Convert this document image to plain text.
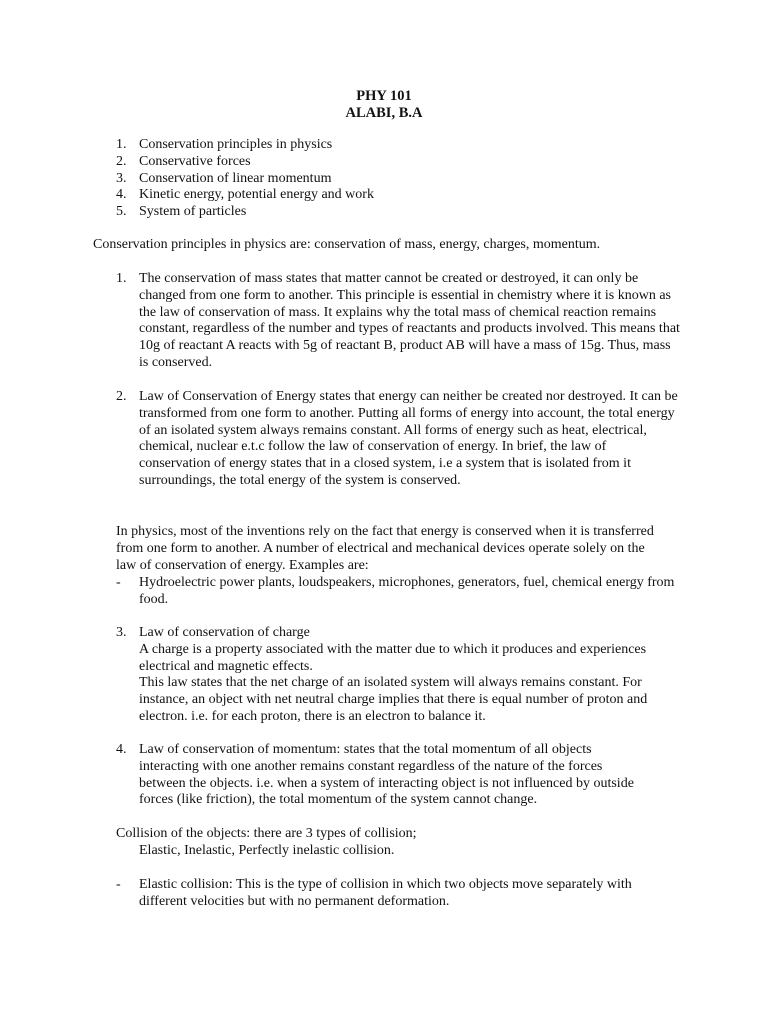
PHY 101
ALABI, B.A
1. Conservation principles in physics
2. Conservative forces
3. Conservation of linear momentum
4. Kinetic energy, potential energy and work
5. System of particles
Conservation principles in physics are: conservation of mass, energy, charges, momentum.
1. The conservation of mass states that matter cannot be created or destroyed, it can only be changed from one form to another. This principle is essential in chemistry where it is known as the law of conservation of mass. It explains why the total mass of chemical reaction remains constant, regardless of the number and types of reactants and products involved. This means that 10g of reactant A reacts with 5g of reactant B, product AB will have a mass of 15g. Thus, mass is conserved.
2. Law of Conservation of Energy states that energy can neither be created nor destroyed. It can be transformed from one form to another. Putting all forms of energy into account, the total energy of an isolated system always remains constant. All forms of energy such as heat, electrical, chemical, nuclear e.t.c follow the law of conservation of energy. In brief, the law of conservation of energy states that in a closed system, i.e a system that is isolated from it surroundings, the total energy of the system is conserved.
In physics, most of the inventions rely on the fact that energy is conserved when it is transferred from one form to another. A number of electrical and mechanical devices operate solely on the law of conservation of energy. Examples are:
- Hydroelectric power plants, loudspeakers, microphones, generators, fuel, chemical energy from food.
3. Law of conservation of charge
A charge is a property associated with the matter due to which it produces and experiences electrical and magnetic effects.
This law states that the net charge of an isolated system will always remains constant. For instance, an object with net neutral charge implies that there is equal number of proton and electron. i.e. for each proton, there is an electron to balance it.
4. Law of conservation of momentum: states that the total momentum of all objects interacting with one another remains constant regardless of the nature of the forces between the objects. i.e. when a system of interacting object is not influenced by outside forces (like friction), the total momentum of the system cannot change.
Collision of the objects: there are 3 types of collision;
Elastic, Inelastic, Perfectly inelastic collision.
- Elastic collision: This is the type of collision in which two objects move separately with different velocities but with no permanent deformation.
